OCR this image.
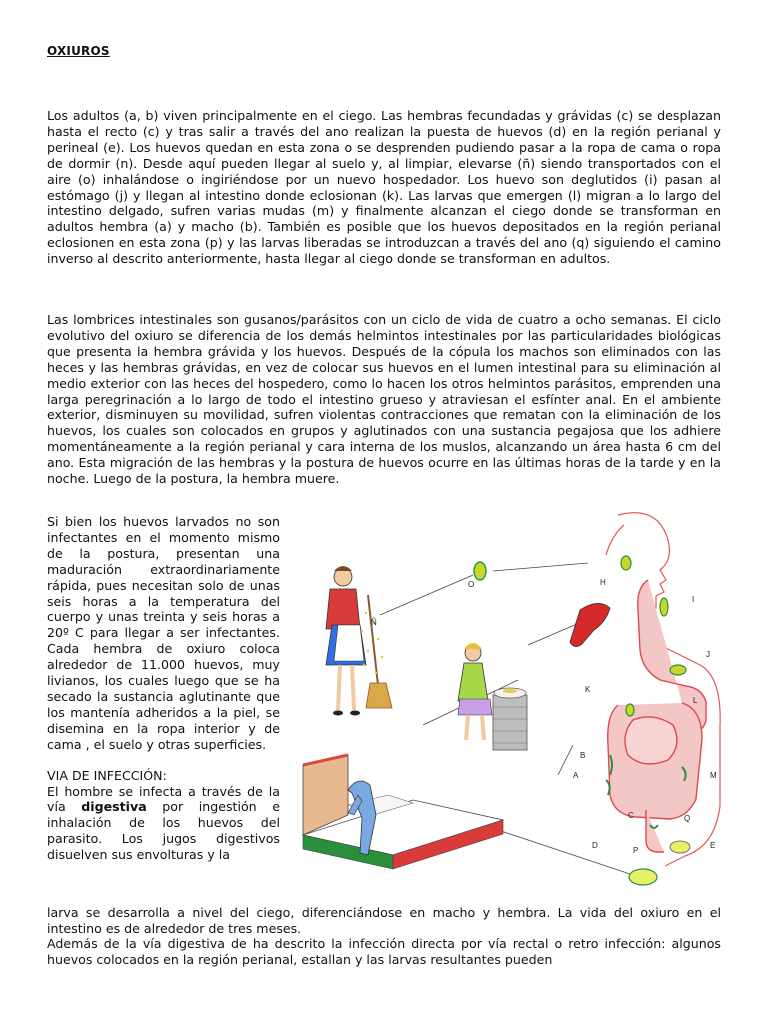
OXIUROS

Los adultos (a, b) viven principalmente en el ciego. Las hembras fecundadas y grávidas (c) se desplazan hasta el recto (c) y tras salir a través del ano realizan la puesta de huevos (d) en la región perianal y perineal (e). Los huevos quedan en esta zona o se desprenden pudiendo pasar a la ropa de cama o ropa de dormir (n). Desde aquí pueden llegar al suelo y, al limpiar, elevarse (ñ) siendo transportados con el aire (o) inhalándose o ingiriéndose por un nuevo hospedador. Los huevo son deglutidos (i) pasan al estómago (j) y llegan al intestino donde eclosionan (k). Las larvas que emergen (l) migran a lo largo del intestino delgado, sufren varias mudas (m) y finalmente alcanzan el ciego donde se transforman en adultos hembra (a) y macho (b). También es posible que los huevos depositados en la región perianal eclosionen en esta zona (p) y las larvas liberadas se introduzcan a través del ano (q) siguiendo el camino inverso al descrito anteriormente, hasta llegar al ciego donde se transforman en adultos.

Las lombrices intestinales son gusanos/parásitos con un ciclo de vida de cuatro a ocho semanas. El ciclo evolutivo del oxiuro se diferencia de los demás helmintos intestinales por las particularidades biológicas que presenta la hembra grávida y los huevos. Después de la cópula los machos son eliminados con las heces y las hembras grávidas, en vez de colocar sus huevos en el lumen intestinal para su eliminación al medio exterior con las heces del hospedero, como lo hacen los otros helmintos parásitos, emprenden una larga peregrinación a lo largo de todo el intestino grueso y atraviesan el esfínter anal. En el ambiente exterior, disminuyen su movilidad, sufren violentas contracciones que rematan con la eliminación de los huevos, los cuales son colocados en grupos y aglutinados con una sustancia pegajosa que los adhiere momentáneamente a la región perianal y cara interna de los muslos, alcanzando un área hasta 6 cm del ano. Esta migración de las hembras y la postura de huevos ocurre en las últimas horas de la tarde y en la noche. Luego de la postura, la hembra muere.

Si bien los huevos larvados no son infectantes en el momento mismo de la postura, presentan una maduración extraordinariamente rápida, pues necesitan solo de unas seis horas a la temperatura del cuerpo y unas treinta y seis horas a 20º C para llegar a ser infectantes. Cada hembra de oxiuro coloca alrededor de 11.000 huevos, muy livianos, los cuales luego que se ha secado la sustancia aglutinante que los mantenía adheridos a la piel, se disemina en la ropa interior y de cama , el suelo y otras superficies.
VIA DE INFECCIÓN:
El hombre se infecta a través de la vía digestiva por ingestión e inhalación de los huevos del parasito. Los jugos digestivos disuelven sus envolturas y la

larva se desarrolla a nivel del ciego, diferenciándose en macho y hembra. La vida del oxiuro en el intestino es de alrededor de tres meses.

Además de la vía digestiva de ha descrito la infección directa por vía rectal o retro infección: algunos huevos colocados en la región perianal, estallan y las larvas resultantes pueden

O	H
Ñ
I
J
K
L
B
A	M
C	Q
D
P
E
